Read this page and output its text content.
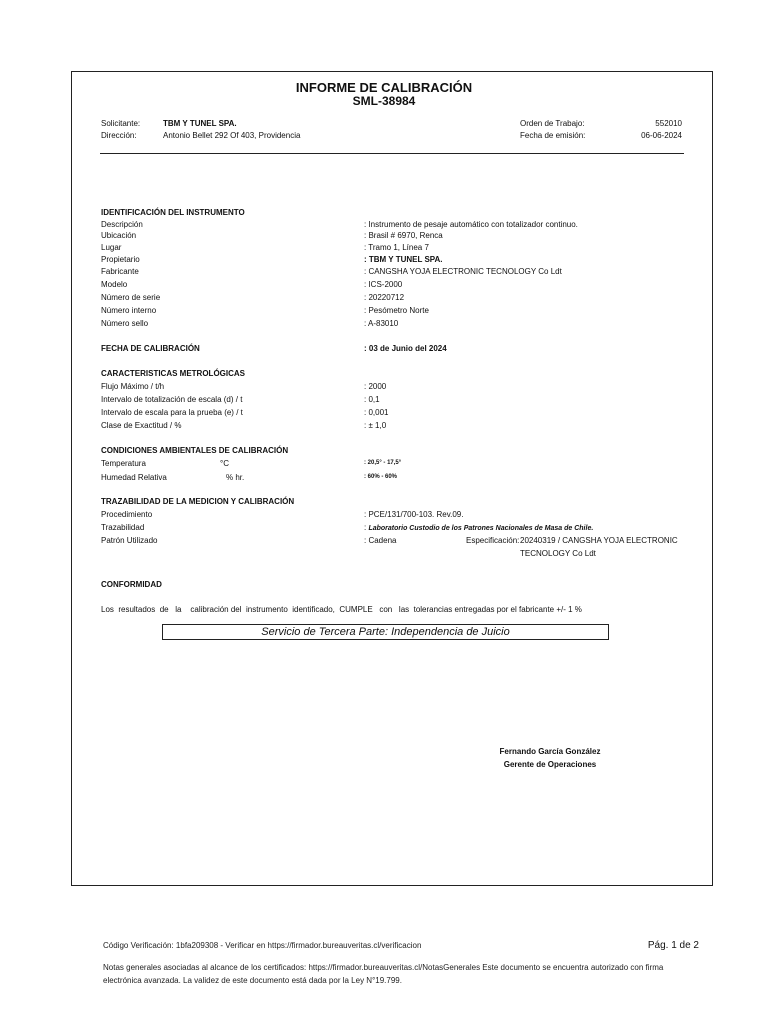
INFORME DE CALIBRACIÓN
SML-38984
Solicitante:	TBM Y TUNEL SPA.
Dirección:	Antonio Bellet 292 Of 403, Providencia
Orden de Trabajo:	552010
Fecha de emisión:	06-06-2024
IDENTIFICACIÓN DEL INSTRUMENTO
Descripción	: Instrumento de pesaje automático con totalizador continuo.
Ubicación	: Brasil # 6970, Renca
Lugar	: Tramo 1, Línea 7
Propietario	: TBM Y TUNEL SPA.
Fabricante	: CANGSHA YOJA ELECTRONIC TECNOLOGY Co Ldt
Modelo	: ICS-2000
Número de serie	: 20220712
Número interno	: Pesómetro Norte
Número sello	: A-83010
FECHA DE CALIBRACIÓN	: 03 de Junio del 2024
CARACTERISTICAS METROLÓGICAS
Flujo Máximo / t/h	: 2000
Intervalo de totalización de escala (d) / t	: 0,1
Intervalo de escala para la prueba (e) / t	: 0,001
Clase de Exactitud / %	: ± 1,0
CONDICIONES AMBIENTALES DE CALIBRACIÓN
Temperatura	°C	: 20,5° - 17,5°
Humedad Relativa	% hr.	: 60% - 60%
TRAZABILIDAD DE LA MEDICION Y CALIBRACIÓN
Procedimiento	: PCE/131/700-103. Rev.09.
Trazabilidad	: Laboratorio Custodio de los Patrones Nacionales de Masa de Chile.
Patrón Utilizado	: Cadena	Especificación: 20240319 / CANGSHA YOJA ELECTRONIC
TECNOLOGY Co Ldt
CONFORMIDAD
Los  resultados  de   la    calibración del  instrumento  identificado,  CUMPLE   con   las  tolerancias entregadas por el fabricante +/- 1 %
Servicio de Tercera Parte: Independencia de Juicio
Fernando García González
Gerente de Operaciones
Código Verificación: 1bfa209308 - Verificar en https://firmador.bureauveritas.cl/verificacion	Pág. 1 de 2
Notas generales asociadas al alcance de los certificados: https://firmador.bureauveritas.cl/NotasGenerales Este documento se encuentra autorizado con firma
electrónica avanzada. La validez de este documento está dada por la Ley N°19.799.
